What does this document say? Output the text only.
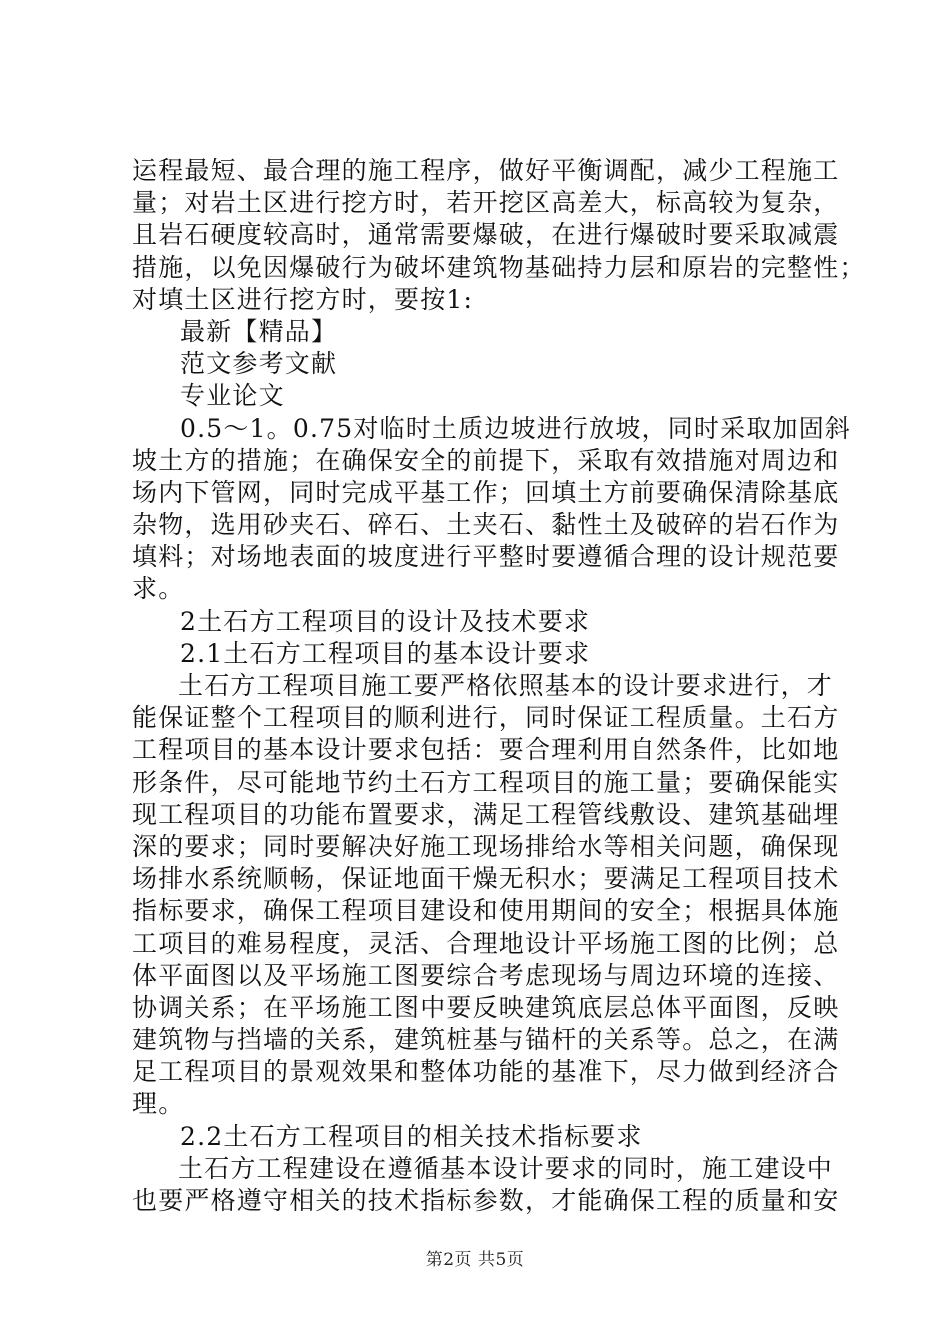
运程最短、最合理的施工程序，做好平衡调配，减少工程施工
量；对岩土区进行挖方时，若开挖区高差大，标高较为复杂，
且岩石硬度较高时，通常需要爆破，在进行爆破时要采取减震
措施，以免因爆破行为破坏建筑物基础持力层和原岩的完整性；
对填土区进行挖方时，要按1:
最新【精品】
范文参考文献
专业论文
0.5～1。0.75对临时土质边坡进行放坡，同时采取加固斜
坡土方的措施；在确保安全的前提下，采取有效措施对周边和
场内下管网，同时完成平基工作；回填土方前要确保清除基底
杂物，选用砂夹石、碎石、土夹石、黏性土及破碎的岩石作为
填料；对场地表面的坡度进行平整时要遵循合理的设计规范要
求。
2土石方工程项目的设计及技术要求
2.1土石方工程项目的基本设计要求
土石方工程项目施工要严格依照基本的设计要求进行，才
能保证整个工程项目的顺利进行，同时保证工程质量。土石方
工程项目的基本设计要求包括：要合理利用自然条件，比如地
形条件，尽可能地节约土石方工程项目的施工量；要确保能实
现工程项目的功能布置要求，满足工程管线敷设、建筑基础埋
深的要求；同时要解决好施工现场排给水等相关问题，确保现
场排水系统顺畅，保证地面干燥无积水；要满足工程项目技术
指标要求，确保工程项目建设和使用期间的安全；根据具体施
工项目的难易程度，灵活、合理地设计平场施工图的比例；总
体平面图以及平场施工图要综合考虑现场与周边环境的连接、
协调关系；在平场施工图中要反映建筑底层总体平面图，反映
建筑物与挡墙的关系，建筑桩基与锚杆的关系等。总之，在满
足工程项目的景观效果和整体功能的基准下，尽力做到经济合
理。
2.2土石方工程项目的相关技术指标要求
土石方工程建设在遵循基本设计要求的同时，施工建设中
也要严格遵守相关的技术指标参数，才能确保工程的质量和安
第2页 共5页
